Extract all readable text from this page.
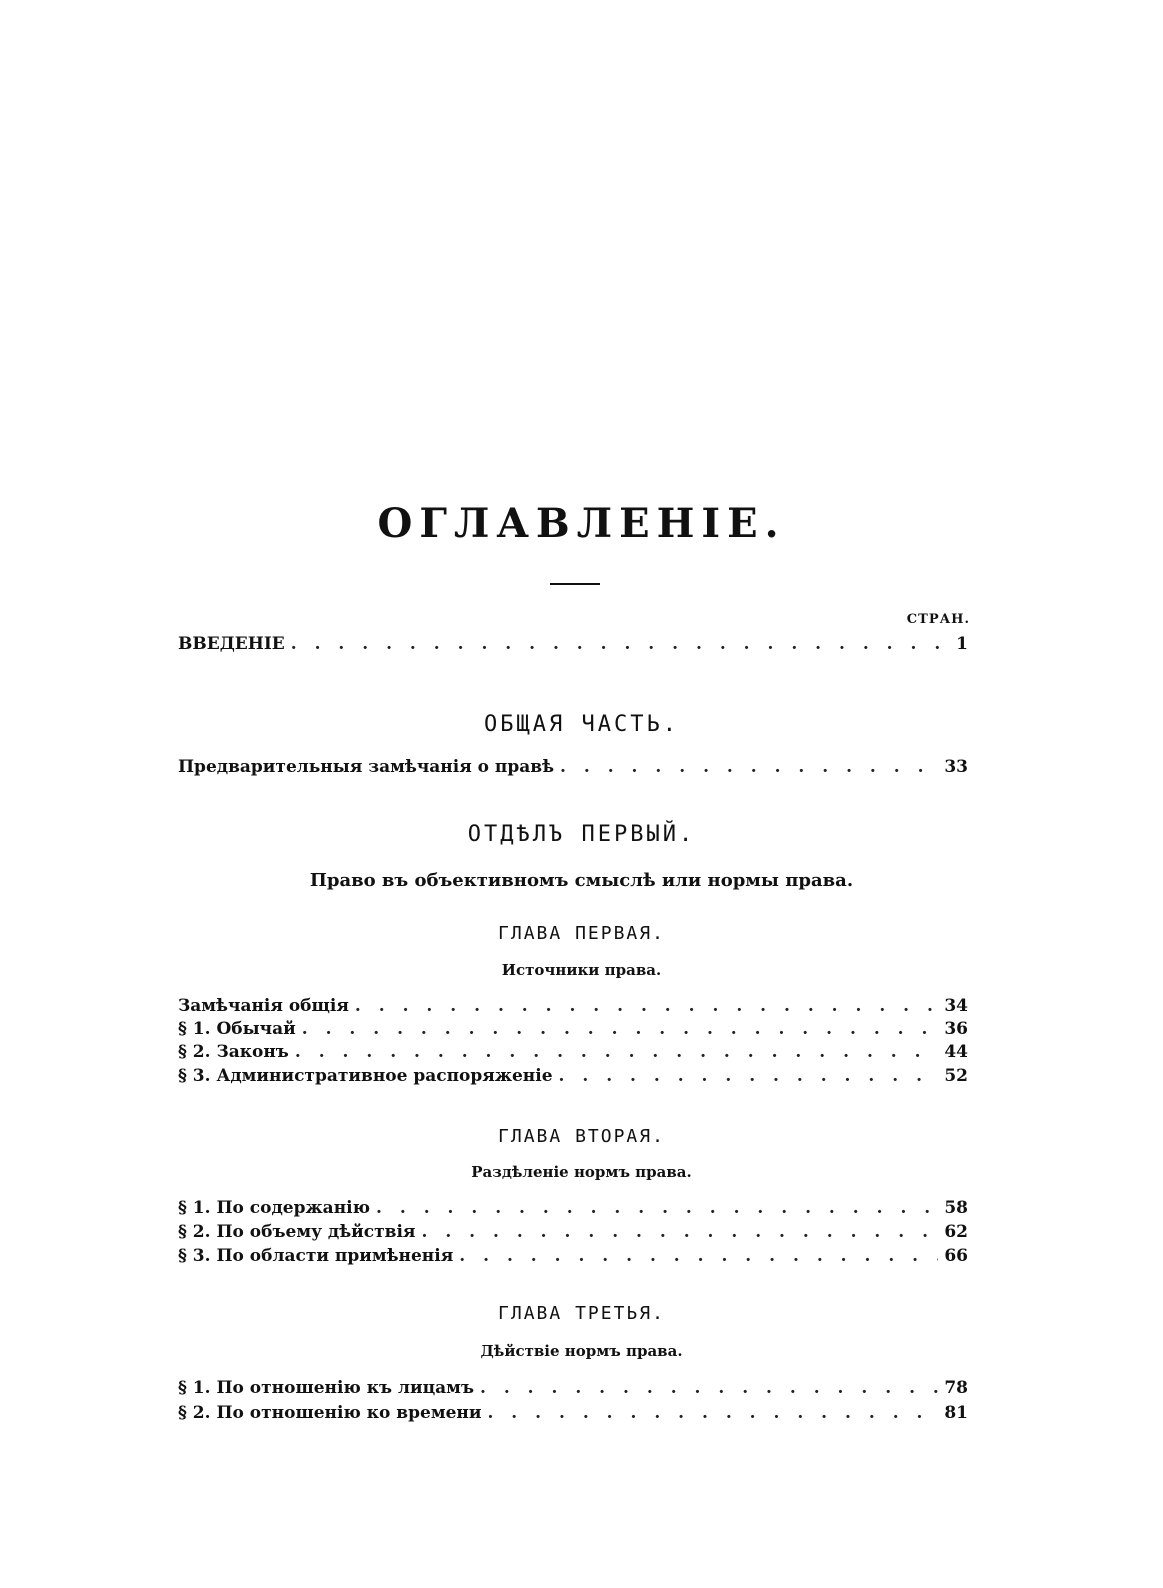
ОГЛАВЛЕНІЕ.
СТРАН.
ВВЕДЕНІЕ . . .	1
ОБЩАЯ ЧАСТЬ.
Предварительныя замѣчанія о правѣ . . .	33
ОТДѢЛЪ ПЕРВЫЙ.
Право въ объективномъ смыслѣ или нормы права.
ГЛАВА ПЕРВАЯ.
Источники права.
Замѣчанія общія . . .	34
§ 1. Обычай . . .	36
§ 2. Законъ . . .	44
§ 3. Административное распоряженіе . . .	52
ГЛАВА ВТОРАЯ.
Раздѣленіе нормъ права.
§ 1. По содержанію . . .	58
§ 2. По объему дѣйствія . . .	62
§ 3. По области примѣненія . . .	66
ГЛАВА ТРЕТЬЯ.
Дѣйствіе нормъ права.
§ 1. По отношенію къ лицамъ . . .	78
§ 2. По отношенію ко времени . . .	81
